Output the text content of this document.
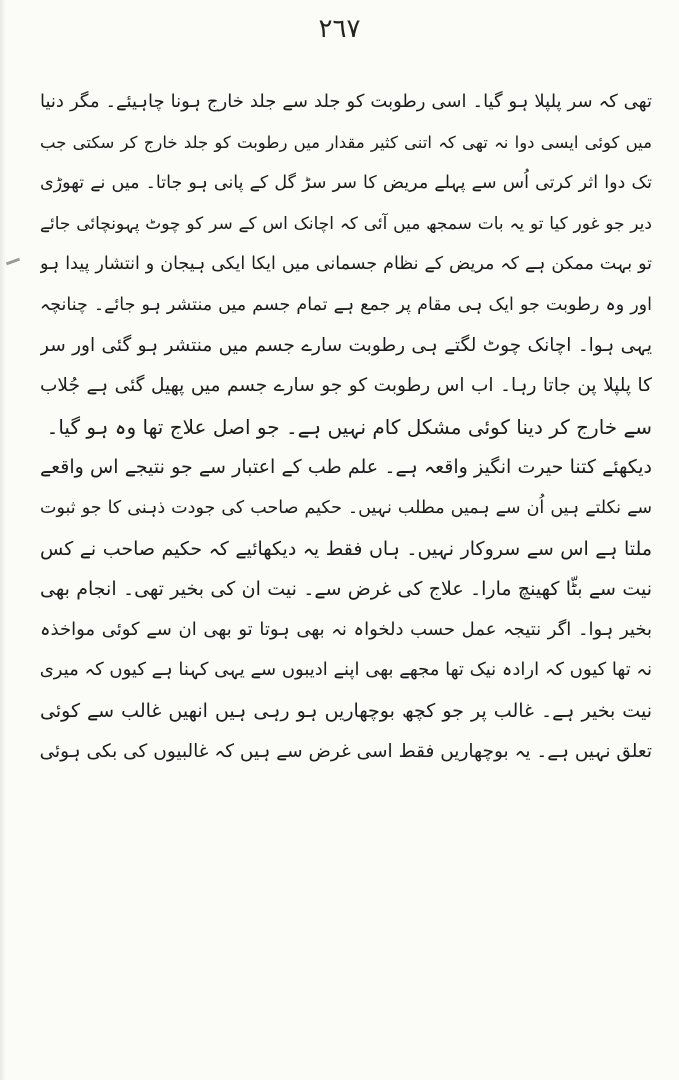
٢٦٧
تھی کہ سر پلپلا ہو گیا۔ اسی رطوبت کو جلد سے جلد خارج ہونا چاہیئے۔ مگر دنیا
میں کوئی ایسی دوا نہ تھی کہ اتنی کثیر مقدار میں رطوبت کو جلد خارج کر سکتی جب
تک دوا اثر کرتی اُس سے پہلے مریض کا سر سڑ گل کے پانی ہو جاتا۔ میں نے تھوڑی
دیر جو غور کیا تو یہ بات سمجھ میں آئی کہ اچانک اس کے سر کو چوٹ پہونچائی جائے
تو بہت ممکن ہے کہ مریض کے نظام جسمانی میں ایکا ایکی ہیجان و انتشار پیدا ہو
اور وہ رطوبت جو ایک ہی مقام پر جمع ہے تمام جسم میں منتشر ہو جائے۔ چنانچہ
یہی ہوا۔ اچانک چوٹ لگتے ہی رطوبت سارے جسم میں منتشر ہو گئی اور سر
کا پلپلا پن جاتا رہا۔ اب اس رطوبت کو جو سارے جسم میں پھیل گئی ہے جُلاب
سے خارج کر دینا کوئی مشکل کام نہیں ہے۔ جو اصل علاج تھا وہ ہو گیا۔
دیکھئے کتنا حیرت انگیز واقعہ ہے۔ علم طب کے اعتبار سے جو نتیجے اس واقعے
سے نکلتے ہیں اُن سے ہمیں مطلب نہیں۔ حکیم صاحب کی جودت ذہنی کا جو ثبوت
ملتا ہے اس سے سروکار نہیں۔ ہاں فقط یہ دیکھائیے کہ حکیم صاحب نے کس
نیت سے بٹّا کھینچ مارا۔ علاج کی غرض سے۔ نیت ان کی بخیر تھی۔ انجام بھی
بخیر ہوا۔ اگر نتیجہ عمل حسب دلخواہ نہ بھی ہوتا تو بھی ان سے کوئی مواخذہ
نہ تھا کیوں کہ ارادہ نیک تھا مجھے بھی اپنے ادیبوں سے یہی کہنا ہے کیوں کہ میری
نیت بخیر ہے۔ غالب پر جو کچھ بوچھاریں ہو رہی ہیں انھیں غالب سے کوئی
تعلق نہیں ہے۔ یہ بوچھاریں فقط اسی غرض سے ہیں کہ غالبیوں کی بکی ہوئی
